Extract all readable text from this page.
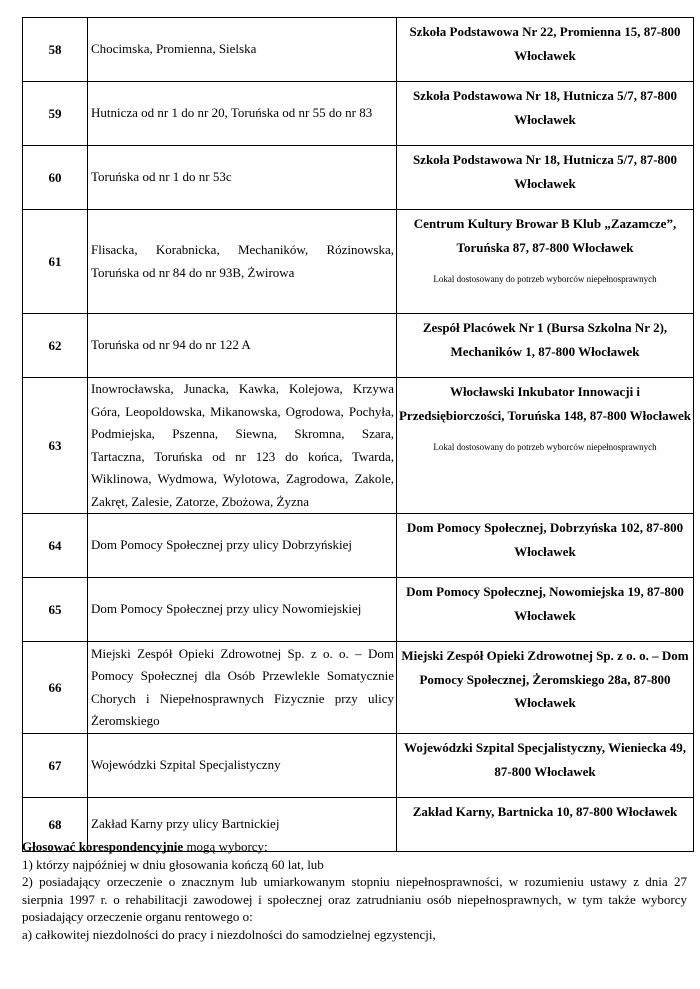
58	Chocimska, Promienna, Sielska	Szkoła Podstawowa Nr 22, Promienna 15, 87-800 Włocławek
59	Hutnicza od nr 1 do nr 20, Toruńska od nr 55 do nr 83	Szkoła Podstawowa Nr 18, Hutnicza 5/7, 87-800 Włocławek
60	Toruńska od nr 1 do nr 53c	Szkoła Podstawowa Nr 18, Hutnicza 5/7, 87-800 Włocławek
61	Flisacka, Korabnicka, Mechaników, Rózinowska, Toruńska od nr 84 do nr 93B, Żwirowa	Centrum Kultury Browar B Klub „Zazamcze”, Toruńska 87, 87-800 Włocławek
Lokal dostosowany do potrzeb wyborców niepełnosprawnych

62	Toruńska od nr 94 do nr 122 A	Zespół Placówek Nr 1 (Bursa Szkolna Nr 2), Mechaników 1, 87-800 Włocławek
63	Inowrocławska, Junacka, Kawka, Kolejowa, Krzywa Góra, Leopoldowska, Mikanowska, Ogrodowa, Pochyła, Podmiejska, Pszenna, Siewna, Skromna, Szara, Tartaczna, Toruńska od nr 123 do końca, Twarda, Wiklinowa, Wydmowa, Wylotowa, Zagrodowa, Zakole, Zakręt, Zalesie, Zatorze, Zbożowa, Żyzna	Włocławski Inkubator Innowacji i Przedsiębiorczości, Toruńska 148, 87-800 Włocławek
Lokal dostosowany do potrzeb wyborców niepełnosprawnych

64	Dom Pomocy Społecznej przy ulicy Dobrzyńskiej	Dom Pomocy Społecznej, Dobrzyńska 102, 87-800 Włocławek
65	Dom Pomocy Społecznej przy ulicy Nowomiejskiej	Dom Pomocy Społecznej, Nowomiejska 19, 87-800 Włocławek
66	Miejski Zespół Opieki Zdrowotnej Sp. z o. o. – Dom Pomocy Społecznej dla Osób Przewlekle Somatycznie Chorych i Niepełnosprawnych Fizycznie przy ulicy Żeromskiego	Miejski Zespół Opieki Zdrowotnej Sp. z o. o. – Dom Pomocy Społecznej, Żeromskiego 28a, 87-800 Włocławek
67	Wojewódzki Szpital Specjalistyczny	Wojewódzki Szpital Specjalistyczny, Wieniecka 49, 87-800 Włocławek
68	Zakład Karny przy ulicy Bartnickiej	Zakład Karny, Bartnicka 10, 87-800 Włocławek

Głosować korespondencyjnie mogą wyborcy:

1) którzy najpóźniej w dniu głosowania kończą 60 lat, lub

2) posiadający orzeczenie o znacznym lub umiarkowanym stopniu niepełnosprawności, w rozumieniu ustawy z dnia 27 sierpnia 1997 r. o rehabilitacji zawodowej i społecznej oraz zatrudnianiu osób niepełnosprawnych, w tym także wyborcy posiadający orzeczenie organu rentowego o:

a) całkowitej niezdolności do pracy i niezdolności do samodzielnej egzystencji,
